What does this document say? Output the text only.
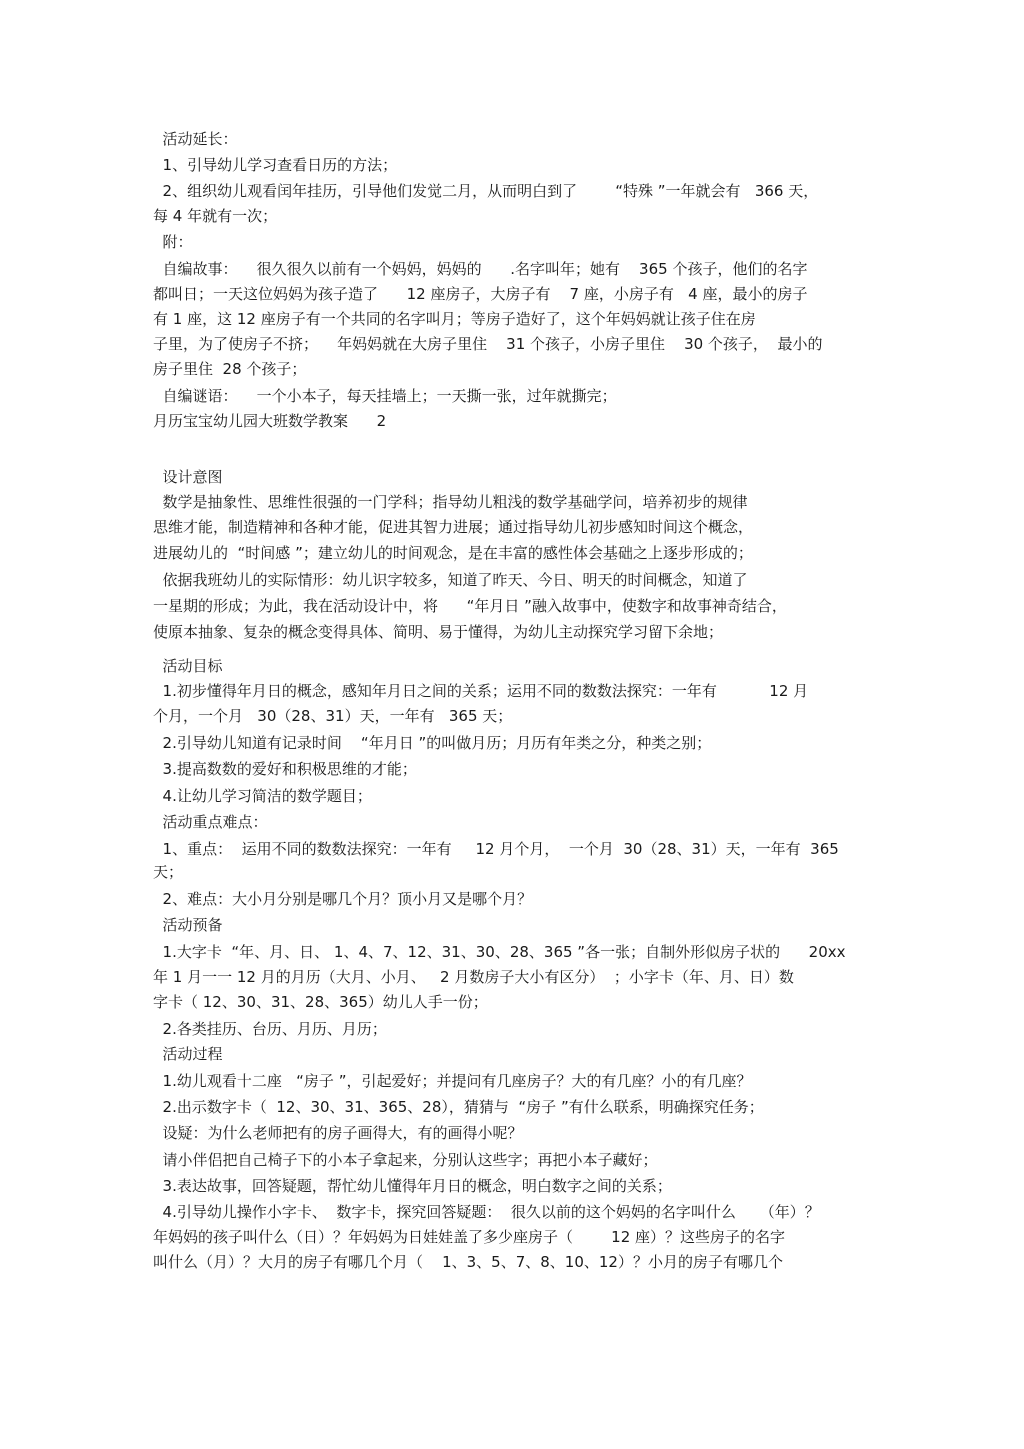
活动延长：
1、引导幼儿学习查看日历的方法；
2、组织幼儿观看闰年挂历，引导他们发觉二月，从而明白到了        “特殊 ”一年就会有   366 天，
每 4 年就有一次；
附：
自编故事：    很久很久以前有一个妈妈，妈妈的      .名字叫年；她有    365 个孩子，他们的名字
都叫日；一天这位妈妈为孩子造了      12 座房子，大房子有    7 座，小房子有   4 座，最小的房子
有 1 座，这 12 座房子有一个共同的名字叫月；等房子造好了，这个年妈妈就让孩子住在房
子里，为了使房子不挤；    年妈妈就在大房子里住    31 个孩子，小房子里住    30 个孩子，  最小的
房子里住  28 个孩子；
自编谜语：    一个小本子，每天挂墙上；一天撕一张，过年就撕完；
月历宝宝幼儿园大班数学教案      2
设计意图
数学是抽象性、思维性很强的一门学科；指导幼儿粗浅的数学基础学问，培养初步的规律
思维才能，制造精神和各种才能，促进其智力进展；通过指导幼儿初步感知时间这个概念，
进展幼儿的  “时间感 ”；建立幼儿的时间观念，是在丰富的感性体会基础之上逐步形成的；
依据我班幼儿的实际情形：幼儿识字较多，知道了昨天、今日、明天的时间概念，知道了
一星期的形成；为此，我在活动设计中，将      “年月日 ”融入故事中，使数字和故事神奇结合，
使原本抽象、复杂的概念变得具体、简明、易于懂得，为幼儿主动探究学习留下余地；
活动目标
1.初步懂得年月日的概念，感知年月日之间的关系；运用不同的数数法探究：一年有           12 月
个月，一个月   30（28、31）天，一年有   365 天；
2.引导幼儿知道有记录时间    “年月日 ”的叫做月历；月历有年类之分，种类之别；
3.提高数数的爱好和积极思维的才能；
4.让幼儿学习简洁的数学题目；
活动重点难点：
1、重点：  运用不同的数数法探究：一年有     12 月个月，  一个月  30（28、31）天，一年有  365
天；
2、难点：大小月分别是哪几个月？顶小月又是哪个月？
活动预备
1.大字卡  “年、月、日、 1、4、7、12、31、30、28、365 ”各一张；自制外形似房子状的      20xx
年 1 月一一 12 月的月历（大月、小月、   2 月数房子大小有区分）  ；小字卡（年、月、日）数
字卡（ 12、30、31、28、365）幼儿人手一份；
2.各类挂历、台历、月历、月历；
活动过程
1.幼儿观看十二座   “房子 ”，引起爱好；并提问有几座房子？大的有几座？小的有几座？
2.出示数字卡（  12、30、31、365、28），猜猜与  “房子 ”有什么联系，明确探究任务；
设疑：为什么老师把有的房子画得大，有的画得小呢？
请小伴侣把自己椅子下的小本子拿起来，分别认这些字；再把小本子藏好；
3.表达故事，回答疑题，帮忙幼儿懂得年月日的概念，明白数字之间的关系；
4.引导幼儿操作小字卡、  数字卡，探究回答疑题：  很久以前的这个妈妈的名字叫什么     （年）？
年妈妈的孩子叫什么（日）？年妈妈为日娃娃盖了多少座房子（        12 座）？这些房子的名字
叫什么（月）？大月的房子有哪几个月（    1、3、5、7、8、10、12）？小月的房子有哪几个
